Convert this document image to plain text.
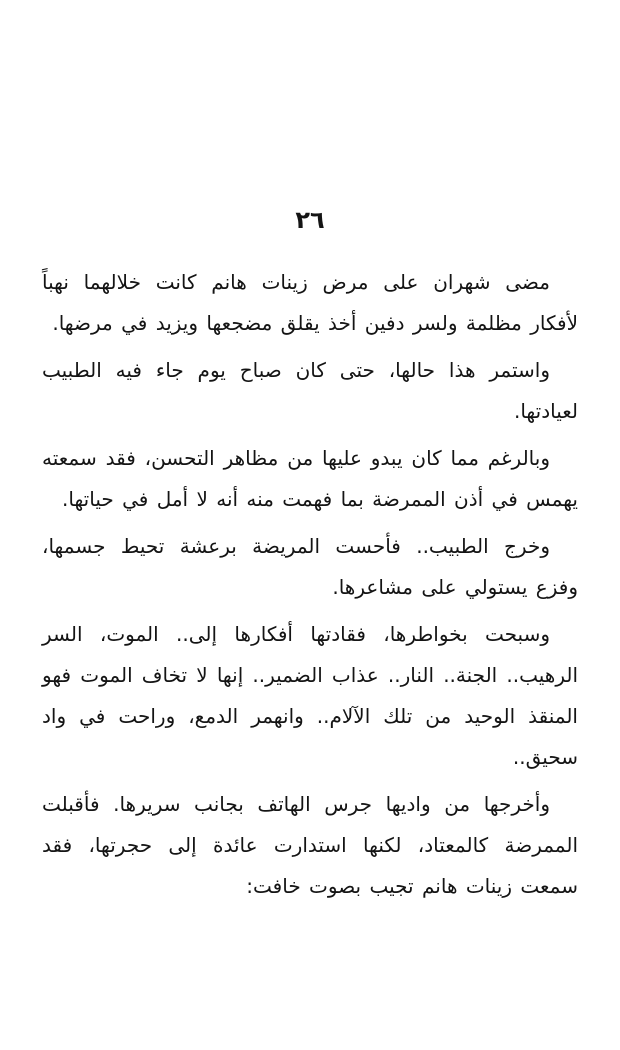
٢٦

مضى شهران على مرض زينات هانم كانت خلالهما نهباً لأفكار مظلمة ولسر دفين أخذ يقلق مضجعها ويزيد في مرضها.

واستمر هذا حالها، حتى كان صباح يوم جاء فيه الطبيب لعيادتها.

وبالرغم مما كان يبدو عليها من مظاهر التحسن، فقد سمعته يهمس في أذن الممرضة بما فهمت منه أنه لا أمل في حياتها.

وخرج الطبيب.. فأحست المريضة برعشة تحيط جسمها، وفزع يستولي على مشاعرها.

وسبحت بخواطرها، فقادتها أفكارها إلى.. الموت، السر الرهيب.. الجنة.. النار.. عذاب الضمير.. إنها لا تخاف الموت فهو المنقذ الوحيد من تلك الآلام.. وانهمر الدمع، وراحت في واد سحيق..

وأخرجها من واديها جرس الهاتف بجانب سريرها. فأقبلت الممرضة كالمعتاد، لكنها استدارت عائدة إلى حجرتها، فقد سمعت زينات هانم تجيب بصوت خافت:
